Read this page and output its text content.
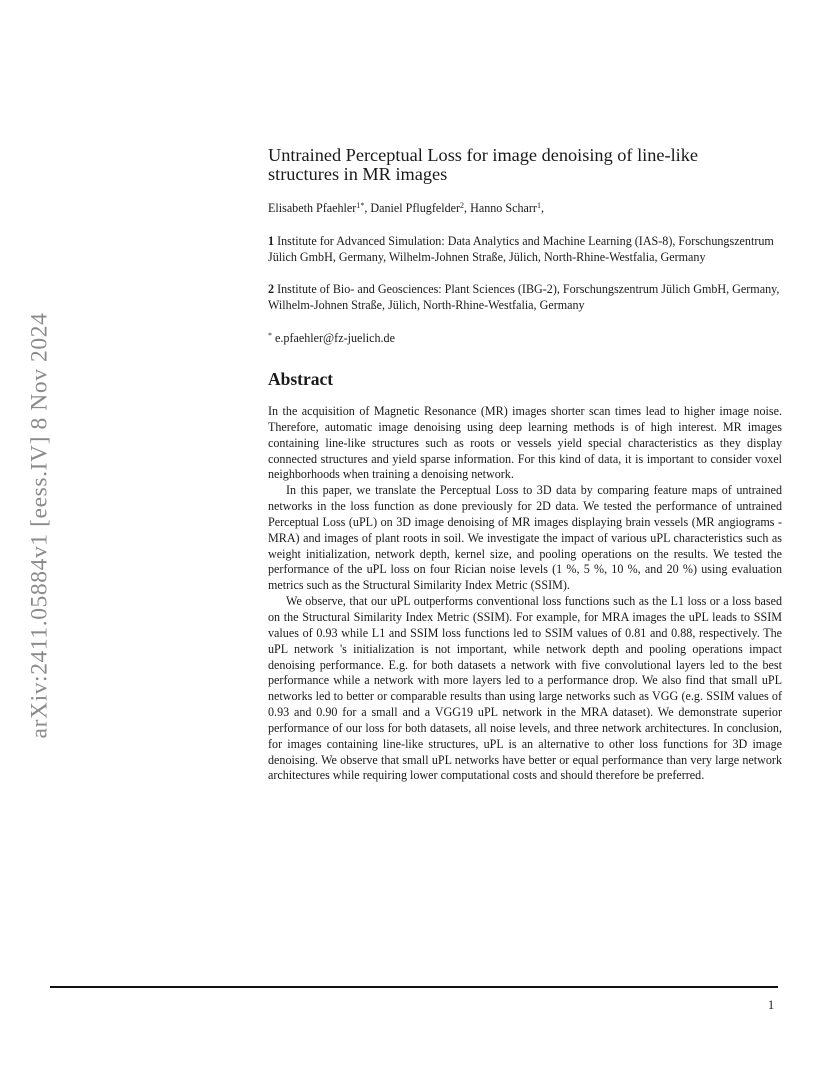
arXiv:2411.05884v1 [eess.IV] 8 Nov 2024
Untrained Perceptual Loss for image denoising of line-like structures in MR images
Elisabeth Pfaehler$^{1*}$, Daniel Pflugfelder$^2$, Hanno Scharr$^1$,
1 Institute for Advanced Simulation: Data Analytics and Machine Learning (IAS-8), Forschungszentrum Jülich GmbH, Germany, Wilhelm-Johnen Straße, Jülich, North-Rhine-Westfalia, Germany
2 Institute of Bio- and Geosciences: Plant Sciences (IBG-2), Forschungszentrum Jülich GmbH, Germany, Wilhelm-Johnen Straße, Jülich, North-Rhine-Westfalia, Germany
* e.pfaehler@fz-juelich.de
Abstract

In the acquisition of Magnetic Resonance (MR) images shorter scan times lead to higher image noise. Therefore, automatic image denoising using deep learning methods is of high interest. MR images containing line-like structures such as roots or vessels yield special characteristics as they display connected structures and yield sparse information. For this kind of data, it is important to consider voxel neighborhoods when training a denoising network.

In this paper, we translate the Perceptual Loss to 3D data by comparing feature maps of untrained networks in the loss function as done previously for 2D data. We tested the performance of untrained Perceptual Loss (uPL) on 3D image denoising of MR images displaying brain vessels (MR angiograms - MRA) and images of plant roots in soil. We investigate the impact of various uPL characteristics such as weight initialization, network depth, kernel size, and pooling operations on the results. We tested the performance of the uPL loss on four Rician noise levels (1 %, 5 %, 10 %, and 20 %) using evaluation metrics such as the Structural Similarity Index Metric (SSIM).

We observe, that our uPL outperforms conventional loss functions such as the L1 loss or a loss based on the Structural Similarity Index Metric (SSIM). For example, for MRA images the uPL leads to SSIM values of 0.93 while L1 and SSIM loss functions led to SSIM values of 0.81 and 0.88, respectively. The uPL network 's initialization is not important, while network depth and pooling operations impact denoising performance. E.g. for both datasets a network with five convolutional layers led to the best performance while a network with more layers led to a performance drop. We also find that small uPL networks led to better or comparable results than using large networks such as VGG (e.g. SSIM values of 0.93 and 0.90 for a small and a VGG19 uPL network in the MRA dataset). We demonstrate superior performance of our loss for both datasets, all noise levels, and three network architectures. In conclusion, for images containing line-like structures, uPL is an alternative to other loss functions for 3D image denoising. We observe that small uPL networks have better or equal performance than very large network architectures while requiring lower computational costs and should therefore be preferred.

1
